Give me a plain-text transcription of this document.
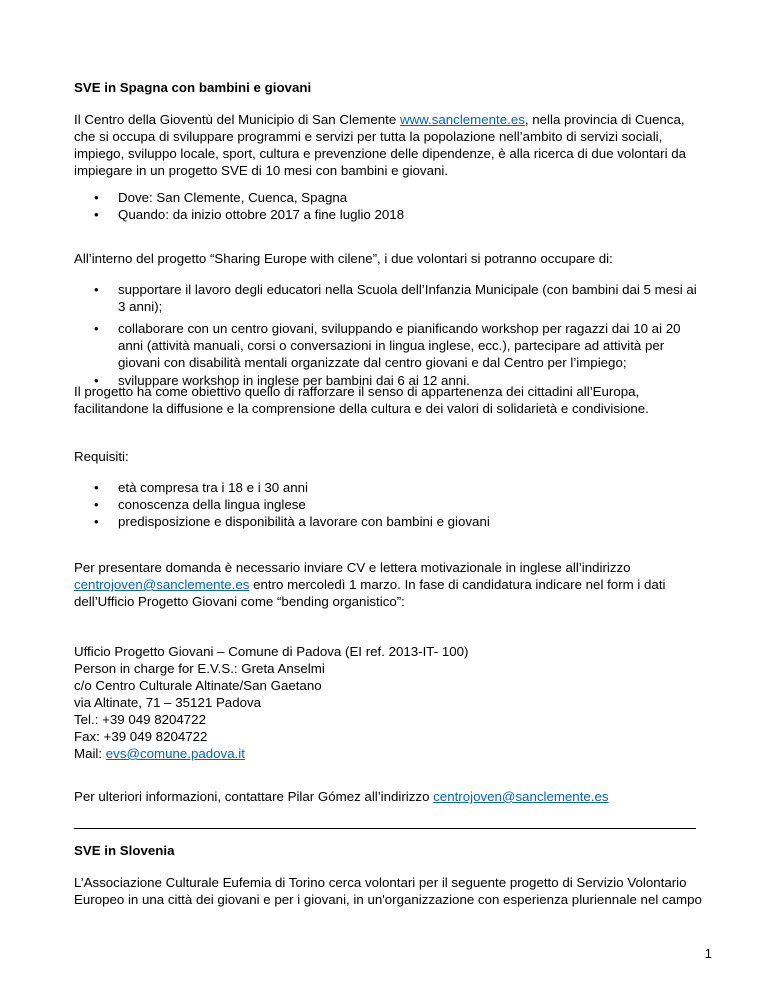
SVE in Spagna con bambini e giovani

Il Centro della Gioventù del Municipio di San Clemente www.sanclemente.es, nella provincia di Cuenca, che si occupa di sviluppare programmi e servizi per tutta la popolazione nell’ambito di servizi sociali, impiego, sviluppo locale, sport, cultura e prevenzione delle dipendenze, è alla ricerca di due volontari da impiegare in un progetto SVE di 10 mesi con bambini e giovani.

• Dove: San Clemente, Cuenca, Spagna
• Quando: da inizio ottobre 2017 a fine luglio 2018

All’interno del progetto “Sharing Europe with cilene”, i due volontari si potranno occupare di:

• supportare il lavoro degli educatori nella Scuola dell’Infanzia Municipale (con bambini dai 5 mesi ai 3 anni);
• collaborare con un centro giovani, sviluppando e pianificando workshop per ragazzi dai 10 ai 20 anni (attività manuali, corsi o conversazioni in lingua inglese, ecc.), partecipare ad attività per giovani con disabilità mentali organizzate dal centro giovani e dal Centro per l’impiego;
• sviluppare workshop in inglese per bambini dai 6 ai 12 anni.

Il progetto ha come obiettivo quello di rafforzare il senso di appartenenza dei cittadini all’Europa, facilitandone la diffusione e la comprensione della cultura e dei valori di solidarietà e condivisione.

Requisiti:

• età compresa tra i 18 e i 30 anni
• conoscenza della lingua inglese
• predisposizione e disponibilità a lavorare con bambini e giovani

Per presentare domanda è necessario inviare CV e lettera motivazionale in inglese all’indirizzo
centrojoven@sanclemente.es entro mercoledì 1 marzo. In fase di candidatura indicare nel form i dati dell’Ufficio Progetto Giovani come “bending organistico”:

Ufficio Progetto Giovani – Comune di Padova (EI ref. 2013-IT- 100)
Person in charge for E.V.S.: Greta Anselmi
c/o Centro Culturale Altinate/San Gaetano
via Altinate, 71 – 35121 Padova
Tel.: +39 049 8204722
Fax: +39 049 8204722
Mail: evs@comune.padova.it

Per ulteriori informazioni, contattare Pilar Gómez all’indirizzo centrojoven@sanclemente.es

SVE in Slovenia

L’Associazione Culturale Eufemia di Torino cerca volontari per il seguente progetto di Servizio Volontario Europeo in una città dei giovani e per i giovani, in un'organizzazione con esperienza pluriennale nel campo

1
